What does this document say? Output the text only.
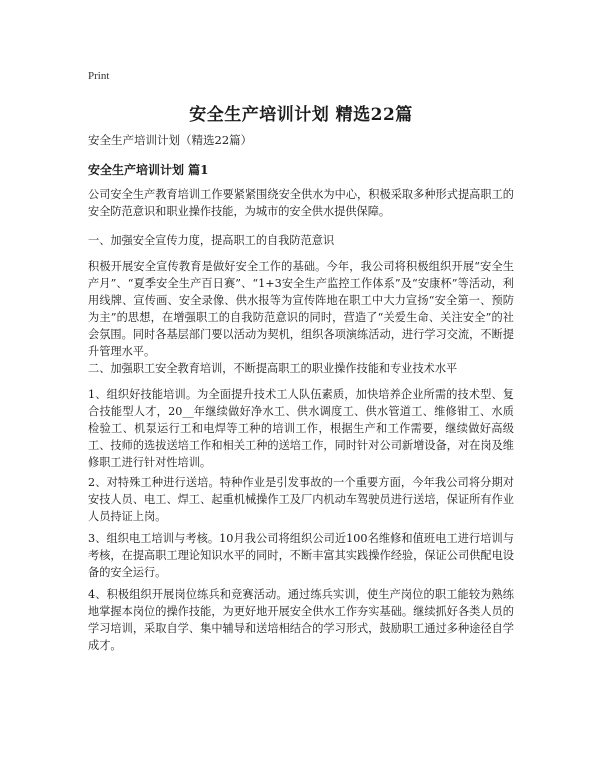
Print
安全生产培训计划 精选22篇

安全生产培训计划（精选22篇）

安全生产培训计划 篇1

公司安全生产教育培训工作要紧紧围绕安全供水为中心，积极采取多种形式提高职工的安全防范意识和职业操作技能，为城市的安全供水提供保障。

一、加强安全宣传力度，提高职工的自我防范意识

积极开展安全宣传教育是做好安全工作的基础。今年，我公司将积极组织开展“安全生产月”、“夏季安全生产百日赛”、“1+3安全生产监控工作体系”及“安康杯”等活动，利用线牌、宣传画、安全录像、供水报等为宣传阵地在职工中大力宣扬“安全第一、预防为主”的思想，在增强职工的自我防范意识的同时，营造了“关爱生命、关注安全”的社会氛围。同时各基层部门要以活动为契机，组织各项演练活动，进行学习交流，不断提升管理水平。

二、加强职工安全教育培训，不断提高职工的职业操作技能和专业技术水平

1、组织好技能培训。为全面提升技术工人队伍素质，加快培养企业所需的技术型、复合技能型人才，20__年继续做好净水工、供水调度工、供水管道工、维修钳工、水质检验工、机泵运行工和电焊等工种的培训工作，根据生产和工作需要，继续做好高级工、技师的选拔送培工作和相关工种的送培工作，同时针对公司新增设备，对在岗及维修职工进行针对性培训。

2、对特殊工种进行送培。特种作业是引发事故的一个重要方面，今年我公司将分期对安技人员、电工、焊工、起重机械操作工及厂内机动车驾驶员进行送培，保证所有作业人员持证上岗。

3、组织电工培训与考核。10月我公司将组织公司近100名维修和值班电工进行培训与考核，在提高职工理论知识水平的同时，不断丰富其实践操作经验，保证公司供配电设备的安全运行。

4、积极组织开展岗位练兵和竞赛活动。通过练兵实训，使生产岗位的职工能较为熟练地掌握本岗位的操作技能，为更好地开展安全供水工作夯实基础。继续抓好各类人员的学习培训，采取自学、集中辅导和送培相结合的学习形式，鼓励职工通过多种途径自学成才。
